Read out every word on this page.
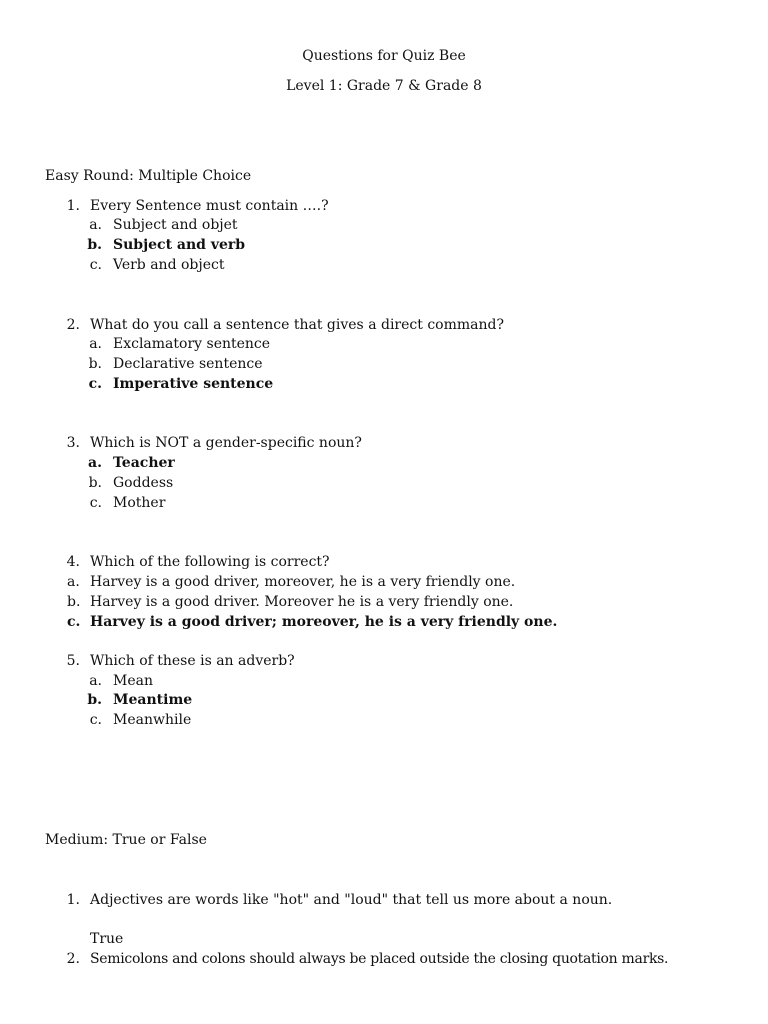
Questions for Quiz Bee
Level 1: Grade 7 & Grade 8
Easy Round: Multiple Choice
1. Every Sentence must contain ….?
a. Subject and objet
b. Subject and verb
c. Verb and object
2. What do you call a sentence that gives a direct command?
a. Exclamatory sentence
b. Declarative sentence
c. Imperative sentence
3. Which is NOT a gender-specific noun?
a. Teacher
b. Goddess
c. Mother
4. Which of the following is correct?
a. Harvey is a good driver, moreover, he is a very friendly one.
b. Harvey is a good driver. Moreover he is a very friendly one.
c. Harvey is a good driver; moreover, he is a very friendly one.
5. Which of these is an adverb?
a. Mean
b. Meantime
c. Meanwhile
Medium: True or False
1. Adjectives are words like "hot" and "loud" that tell us more about a noun.
True
2. Semicolons and colons should always be placed outside the closing quotation marks.
